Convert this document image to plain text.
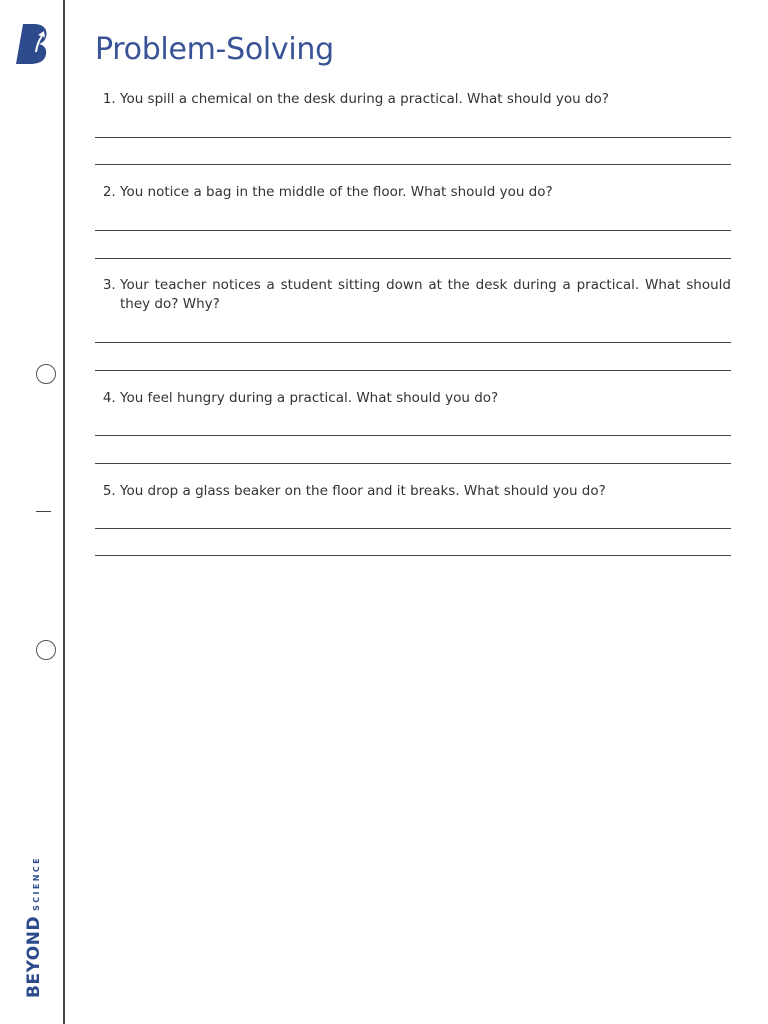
BEYOND
SCIENCE
Problem-Solving
1. You spill a chemical on the desk during a practical. What should you do?
2. You notice a bag in the middle of the floor. What should you do?
3. Your teacher notices a student sitting down at the desk during a practical. What should they do? Why?
4. You feel hungry during a practical. What should you do?
5. You drop a glass beaker on the floor and it breaks. What should you do?
